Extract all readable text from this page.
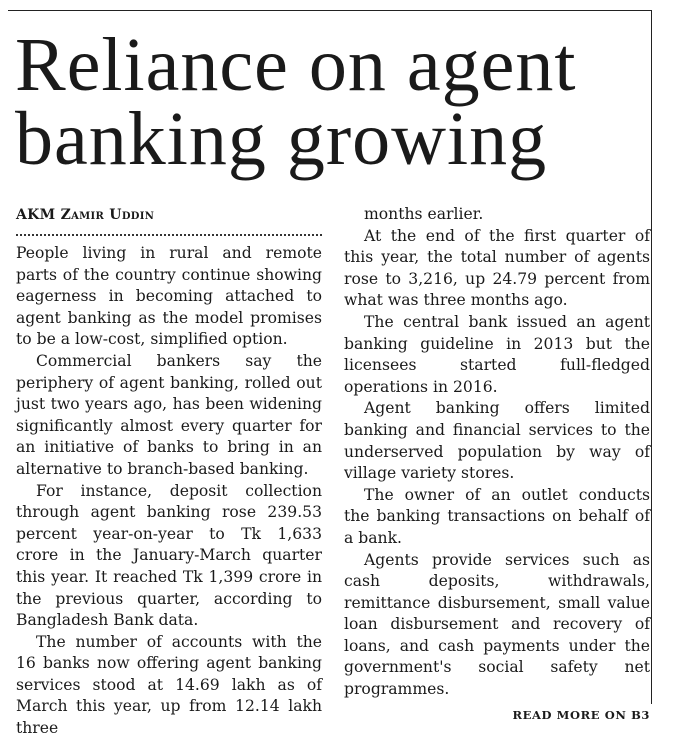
Reliance on agent banking growing
AKM Zamir Uddin

People living in rural and remote parts of the country continue showing eagerness in becoming attached to agent banking as the model promises to be a low-cost, simplified option.

Commercial bankers say the periphery of agent banking, rolled out just two years ago, has been widening significantly almost every quarter for an initiative of banks to bring in an alternative to branch-based banking.

For instance, deposit collection through agent banking rose 239.53 percent year-on-year to Tk 1,633 crore in the January-March quarter this year. It reached Tk 1,399 crore in the previous quarter, according to Bangladesh Bank data.

The number of accounts with the 16 banks now offering agent banking services stood at 14.69 lakh as of March this year, up from 12.14 lakh three

months earlier.

At the end of the first quarter of this year, the total number of agents rose to 3,216, up 24.79 percent from what was three months ago.

The central bank issued an agent banking guideline in 2013 but the licensees started full-fledged operations in 2016.

Agent banking offers limited banking and financial services to the underserved population by way of village variety stores.

The owner of an outlet conducts the banking transactions on behalf of a bank.

Agents provide services such as cash deposits, withdrawals, remittance disbursement, small value loan disbursement and recovery of loans, and cash payments under the government's social safety net programmes.

READ MORE ON B3
